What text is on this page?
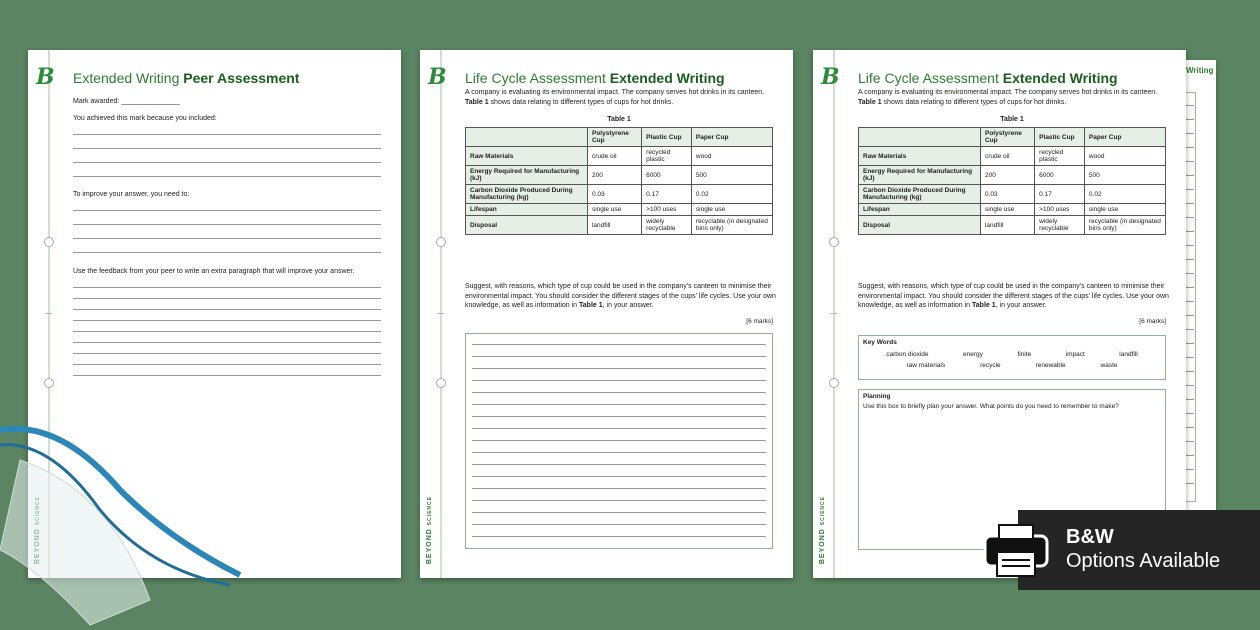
Writing
B Extended Writing Peer Assessment
Mark awarded: _______________
You achieved this mark because you included:
To improve your answer, you need to:
Use the feedback from your peer to write an extra paragraph that will improve your answer.
B
BEYOND SCIENCE
Life Cycle Assessment Extended Writing
A company is evaluating its environmental impact. The company serves hot drinks in its canteen.
Table 1 shows data relating to different types of cups for hot drinks.
Table 1
	Polystyrene Cup	Plastic Cup	Paper Cup
Raw Materials	crude oil	recycled plastic	wood
Energy Required for Manufacturing (kJ)	200	6000	500
Carbon Dioxide Produced During Manufacturing (kg)	0.03	0.17	0.02
Lifespan	single use	>100 uses	single use
Disposal	landfill	widely recyclable	recyclable (in designated bins only)
Suggest, with reasons, which type of cup could be used in the company's canteen to minimise their environmental impact. You should consider the different stages of the cups' life cycles. Use your own knowledge, as well as information in Table 1, in your answer.
[6 marks]
B
BEYOND SCIENCE
Life Cycle Assessment Extended Writing
A company is evaluating its environmental impact. The company serves hot drinks in its canteen.
Table 1 shows data relating to different types of cups for hot drinks.
Table 1
	Polystyrene Cup	Plastic Cup	Paper Cup
Raw Materials	crude oil	recycled plastic	wood
Energy Required for Manufacturing (kJ)	200	6000	500
Carbon Dioxide Produced During Manufacturing (kg)	0.03	0.17	0.02
Lifespan	single use	>100 uses	single use
Disposal	landfill	widely recyclable	recyclable (in designated bins only)
Suggest, with reasons, which type of cup could be used in the company's canteen to minimise their environmental impact. You should consider the different stages of the cups' life cycles. Use your own knowledge, as well as information in Table 1, in your answer.
[6 marks]
Key Words
carbon dioxide	energy	finite	impact	landfill
raw materials	recycle	renewable	waste
Planning
Use this box to briefly plan your answer. What points do you need to remember to make?
B&W
Options Available
